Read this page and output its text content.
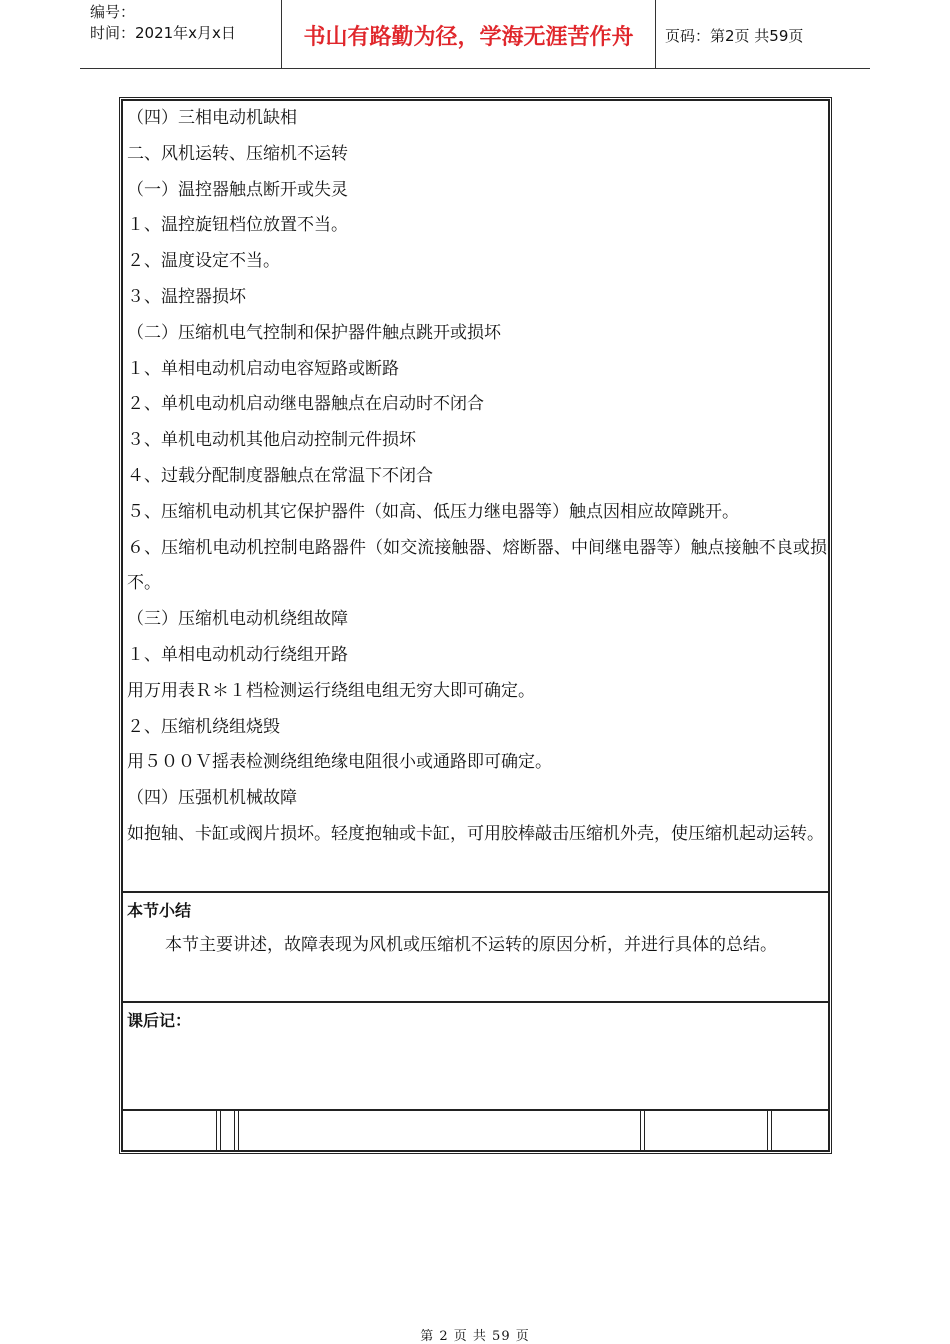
编号：
时间：2021年x月x日	书山有路勤为径，学海无涯苦作舟	页码：第2页 共59页
（四）三相电动机缺相
二、风机运转、压缩机不运转
（一）温控器触点断开或失灵
１、温控旋钮档位放置不当。
２、温度设定不当。
３、温控器损坏
（二）压缩机电气控制和保护器件触点跳开或损坏
１、单相电动机启动电容短路或断路
２、单机电动机启动继电器触点在启动时不闭合
３、单机电动机其他启动控制元件损坏
４、过载分配制度器触点在常温下不闭合
５、压缩机电动机其它保护器件（如高、低压力继电器等）触点因相应故障跳开。
６、压缩机电动机控制电路器件（如交流接触器、熔断器、中间继电器等）触点接触不良或损不。
（三）压缩机电动机绕组故障
１、单相电动机动行绕组开路
用万用表Ｒ＊１档检测运行绕组电组无穷大即可确定。
２、压缩机绕组烧毁
用５００Ｖ摇表检测绕组绝缘电阻很小或通路即可确定。
（四）压强机机械故障
如抱轴、卡缸或阀片损坏。轻度抱轴或卡缸，可用胶棒敲击压缩机外壳，使压缩机起动运转。
本节小结
本节主要讲述，故障表现为风机或压缩机不运转的原因分析，并进行具体的总结。
课后记：
第 2 页 共 59 页
